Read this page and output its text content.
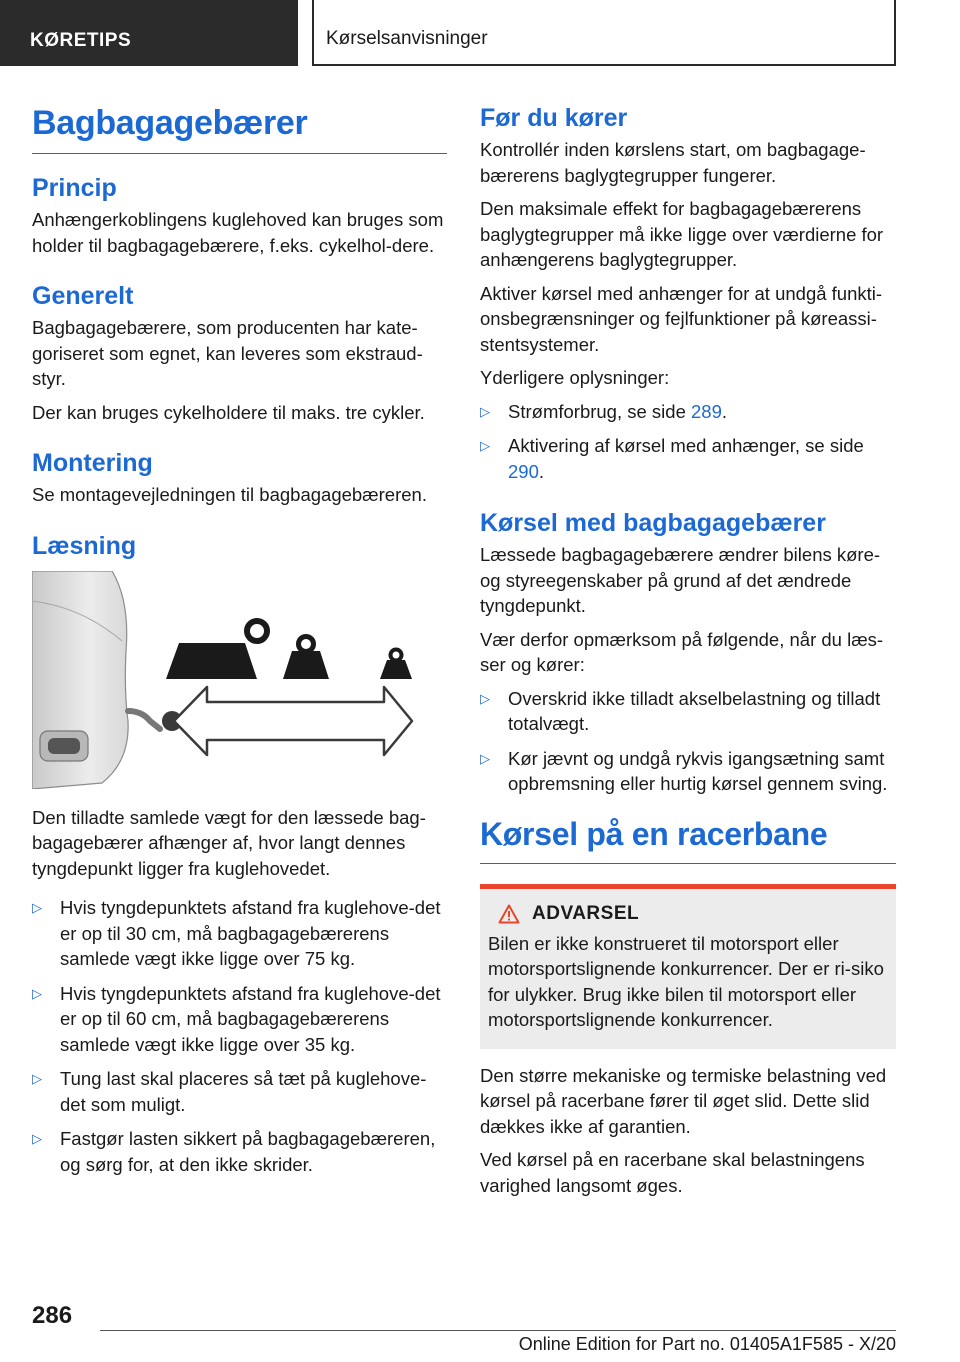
KØRETIPS	Kørselsanvisninger
Bagbagagebærer
Princip

Anhængerkoblingens kuglehoved kan bruges som holder til bagbagagebærere, f.eks. cykelhol-dere.

Generelt

Bagbagagebærere, som producenten har kate-goriseret som egnet, kan leveres som ekstraud-styr.

Der kan bruges cykelholdere til maks. tre cykler.

Montering

Se montagevejledningen til bagbagagebæreren.

Læsning

Den tilladte samlede vægt for den læssede bag-bagagebærer afhænger af, hvor langt dennes tyngdepunkt ligger fra kuglehovedet.

▷ Hvis tyngdepunktets afstand fra kuglehove-det er op til 30 cm, må bagbagagebærerens samlede vægt ikke ligge over 75 kg.
▷ Hvis tyngdepunktets afstand fra kuglehove-det er op til 60 cm, må bagbagagebærerens samlede vægt ikke ligge over 35 kg.
▷ Tung last skal placeres så tæt på kuglehove-det som muligt.
▷ Fastgør lasten sikkert på bagbagagebæreren, og sørg for, at den ikke skrider.
Før du kører

Kontrollér inden kørslens start, om bagbagage-bærerens baglygtegrupper fungerer.

Den maksimale effekt for bagbagagebærerens baglygtegrupper må ikke ligge over værdierne for anhængerens baglygtegrupper.

Aktiver kørsel med anhænger for at undgå funkti-onsbegrænsninger og fejlfunktioner på køreassi-stentsystemer.

Yderligere oplysninger:

▷ Strømforbrug, se side 289.
▷ Aktivering af kørsel med anhænger, se side 290.
Kørsel med bagbagagebærer

Læssede bagbagagebærere ændrer bilens køre- og styreegenskaber på grund af det ændrede tyngdepunkt.

Vær derfor opmærksom på følgende, når du læs-ser og kører:

▷ Overskrid ikke tilladt akselbelastning og tilladt totalvægt.
▷ Kør jævnt og undgå rykvis igangsætning samt opbremsning eller hurtig kørsel gennem sving.
Kørsel på en racerbane
ADVARSEL

Bilen er ikke konstrueret til motorsport eller motorsportslignende konkurrencer. Der er ri-siko for ulykker. Brug ikke bilen til motorsport eller motorsportslignende konkurrencer.

Den større mekaniske og termiske belastning ved kørsel på racerbane fører til øget slid. Dette slid dækkes ikke af garantien.

Ved kørsel på en racerbane skal belastningens varighed langsomt øges.

286
Online Edition for Part no. 01405A1F585 - X/20
